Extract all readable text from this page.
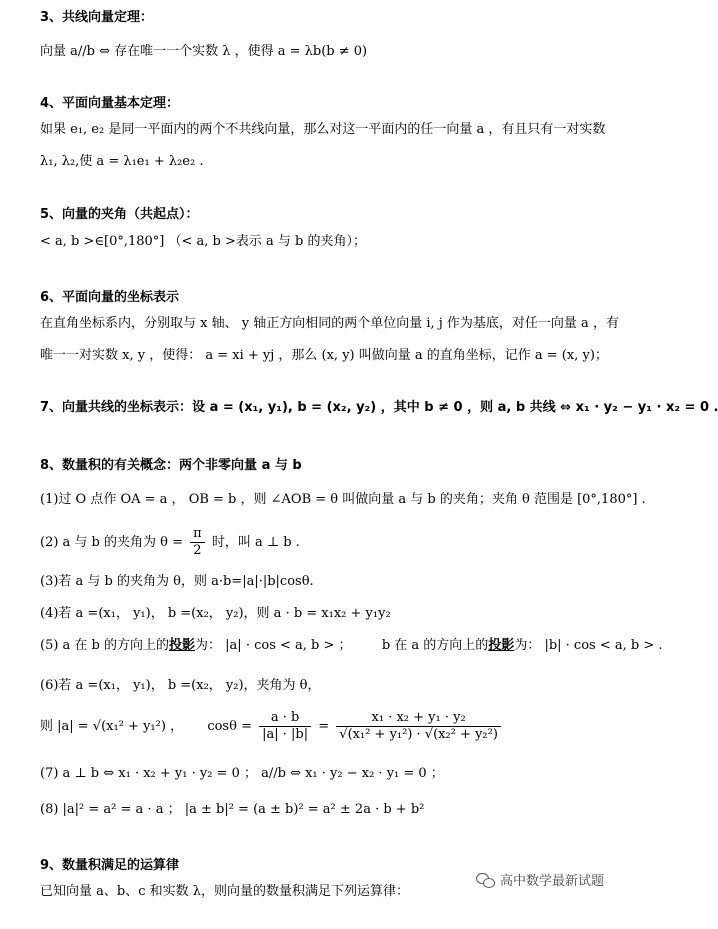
3、共线向量定理：
向量 a//b ⇔ 存在唯一一个实数 λ ，使得 a = λb(b ≠ 0)
4、平面向量基本定理：
如果 e₁, e₂ 是同一平面内的两个不共线向量，那么对这一平面内的任一向量 a ，有且只有一对实数
λ₁, λ₂,使 a = λ₁e₁ + λ₂e₂ .
5、向量的夹角（共起点）：
< a, b >∈[0°,180°] （< a, b >表示 a 与 b 的夹角）；
6、平面向量的坐标表示
在直角坐标系内，分别取与 x 轴、 y 轴正方向相同的两个单位向量 i, j 作为基底，对任一向量 a ，有
唯一一对实数 x, y ，使得： a = xi + yj ，那么 (x, y) 叫做向量 a 的直角坐标，记作 a = (x, y)；
7、向量共线的坐标表示：设 a = (x₁, y₁), b = (x₂, y₂) ，其中 b ≠ 0 ，则 a, b 共线 ⇔ x₁ · y₂ − y₁ · x₂ = 0 .
8、数量积的有关概念：两个非零向量 a 与 b
(1)过 O 点作 OA = a ， OB = b ，则 ∠AOB = θ 叫做向量 a 与 b 的夹角；夹角 θ 范围是 [0°,180°] .
(2) a 与 b 的夹角为 $\theta = \frac{\pi}{2}$ 时，叫 a ⊥ b .
(3)若 a 与 b 的夹角为 θ，则 a·b=|a|·|b|cosθ.
(4)若 a =(x₁， y₁)， b =(x₂， y₂)，则 a · b = x₁x₂ + y₁y₂
(5) a 在 b 的方向上的投影为： |a| · cos < a, b > ； b 在 a 的方向上的投影为： |b| · cos < a, b > .
(6)若 a =(x₁， y₁)， b =(x₂， y₂)，夹角为 θ，
则 |a| = √(x₁² + y₁²) ， $\cos\theta = \frac{a \cdot b}{|a| \cdot |b|} = \frac{\text{x₁ · x₂ + y₁ · y₂}}{\text{√(x₁² + y₁²) · √(x₂² + y₂²)}}$
(7) a ⊥ b ⇔ x₁ · x₂ + y₁ · y₂ = 0 ； a//b ⇔ x₁ · y₂ − x₂ · y₁ = 0 ；
(8) |a|² = a² = a · a ； |a ± b|² = (a ± b)² = a² ± 2a · b + b²
9、数量积满足的运算律
已知向量 a、b、c 和实数 λ，则向量的数量积满足下列运算律：
高中数学最新试题
